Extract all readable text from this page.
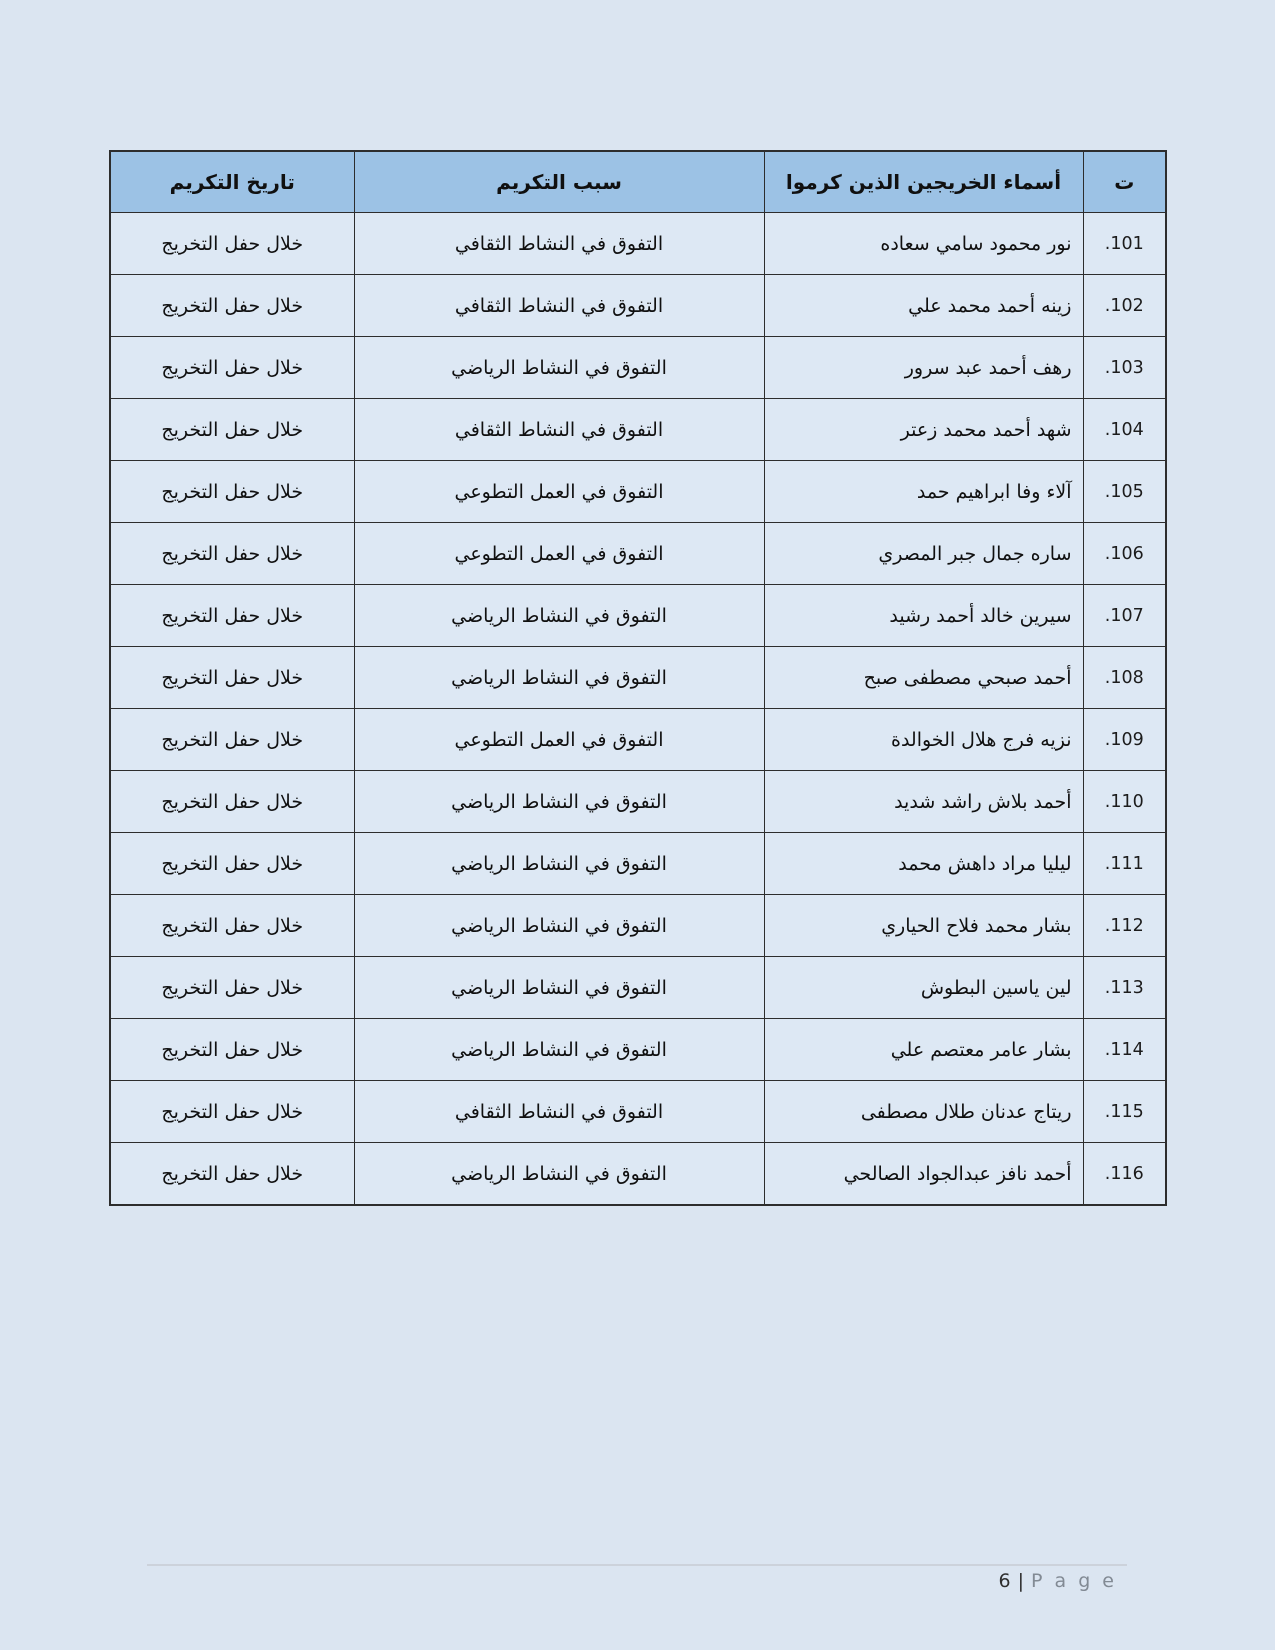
ت	أسماء الخريجين الذين كرموا	سبب التكريم	تاريخ التكريم
101.	نور محمود سامي سعاده	التفوق في النشاط الثقافي	خلال حفل التخريج
102.	زينه أحمد محمد علي	التفوق في النشاط الثقافي	خلال حفل التخريج
103.	رهف أحمد عبد سرور	التفوق في النشاط الرياضي	خلال حفل التخريج
104.	شهد أحمد محمد زعتر	التفوق في النشاط الثقافي	خلال حفل التخريج
105.	آلاء وفا ابراهيم حمد	التفوق في العمل التطوعي	خلال حفل التخريج
106.	ساره جمال جبر المصري	التفوق في العمل التطوعي	خلال حفل التخريج
107.	سيرين خالد أحمد رشيد	التفوق في النشاط الرياضي	خلال حفل التخريج
108.	أحمد صبحي مصطفى صبح	التفوق في النشاط الرياضي	خلال حفل التخريج
109.	نزيه فرج هلال الخوالدة	التفوق في العمل التطوعي	خلال حفل التخريج
110.	أحمد بلاش راشد شديد	التفوق في النشاط الرياضي	خلال حفل التخريج
111.	ليليا مراد داهش محمد	التفوق في النشاط الرياضي	خلال حفل التخريج
112.	بشار محمد فلاح الحياري	التفوق في النشاط الرياضي	خلال حفل التخريج
113.	لين ياسين البطوش	التفوق في النشاط الرياضي	خلال حفل التخريج
114.	بشار عامر معتصم علي	التفوق في النشاط الرياضي	خلال حفل التخريج
115.	ريتاج عدنان طلال مصطفى	التفوق في النشاط الثقافي	خلال حفل التخريج
116.	أحمد نافز عبدالجواد الصالحي	التفوق في النشاط الرياضي	خلال حفل التخريج
6 | P a g e
